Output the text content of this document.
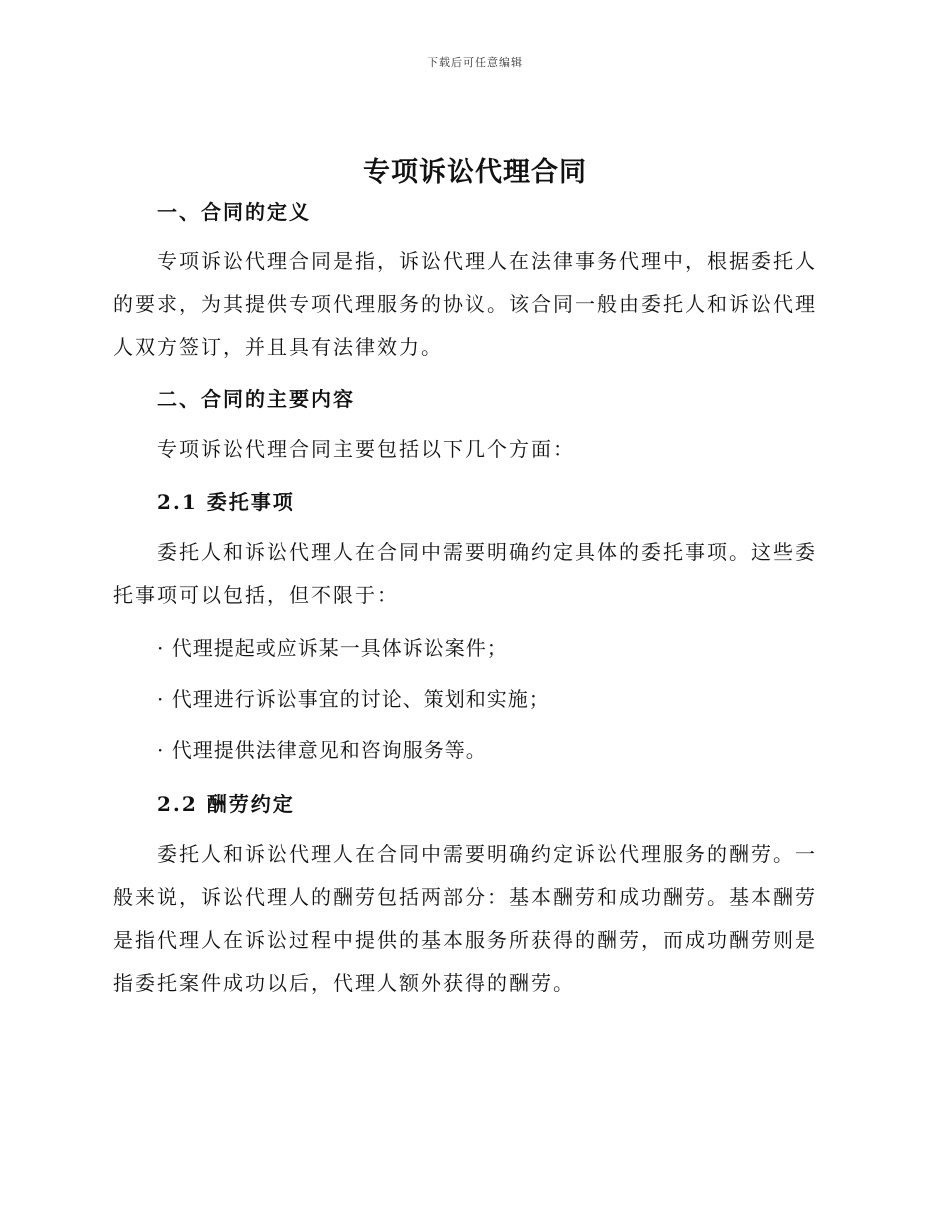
下载后可任意编辑
专项诉讼代理合同

一、合同的定义

专项诉讼代理合同是指，诉讼代理人在法律事务代理中，根据委托人的要求，为其提供专项代理服务的协议。该合同一般由委托人和诉讼代理人双方签订，并且具有法律效力。

二、合同的主要内容

专项诉讼代理合同主要包括以下几个方面：

2.1 委托事项

委托人和诉讼代理人在合同中需要明确约定具体的委托事项。这些委托事项可以包括，但不限于：

· 代理提起或应诉某一具体诉讼案件；

· 代理进行诉讼事宜的讨论、策划和实施；

· 代理提供法律意见和咨询服务等。

2.2 酬劳约定

委托人和诉讼代理人在合同中需要明确约定诉讼代理服务的酬劳。一般来说，诉讼代理人的酬劳包括两部分：基本酬劳和成功酬劳。基本酬劳是指代理人在诉讼过程中提供的基本服务所获得的酬劳，而成功酬劳则是指委托案件成功以后，代理人额外获得的酬劳。
